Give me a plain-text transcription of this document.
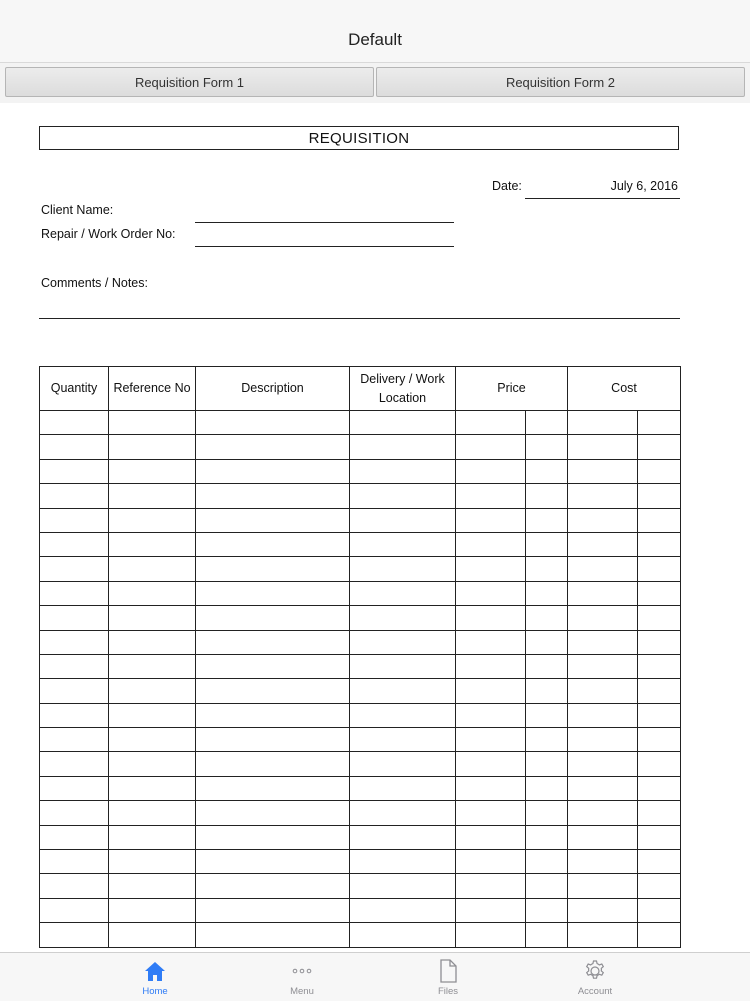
Default
Requisition Form 1	Requisition Form 2
REQUISITION
Date:	July 6, 2016
Client Name:
Repair / Work Order No:
Comments / Notes:
Quantity	Reference No	Description	Delivery / Work Location	Price		Cost	

Home	Menu	Files	Account
